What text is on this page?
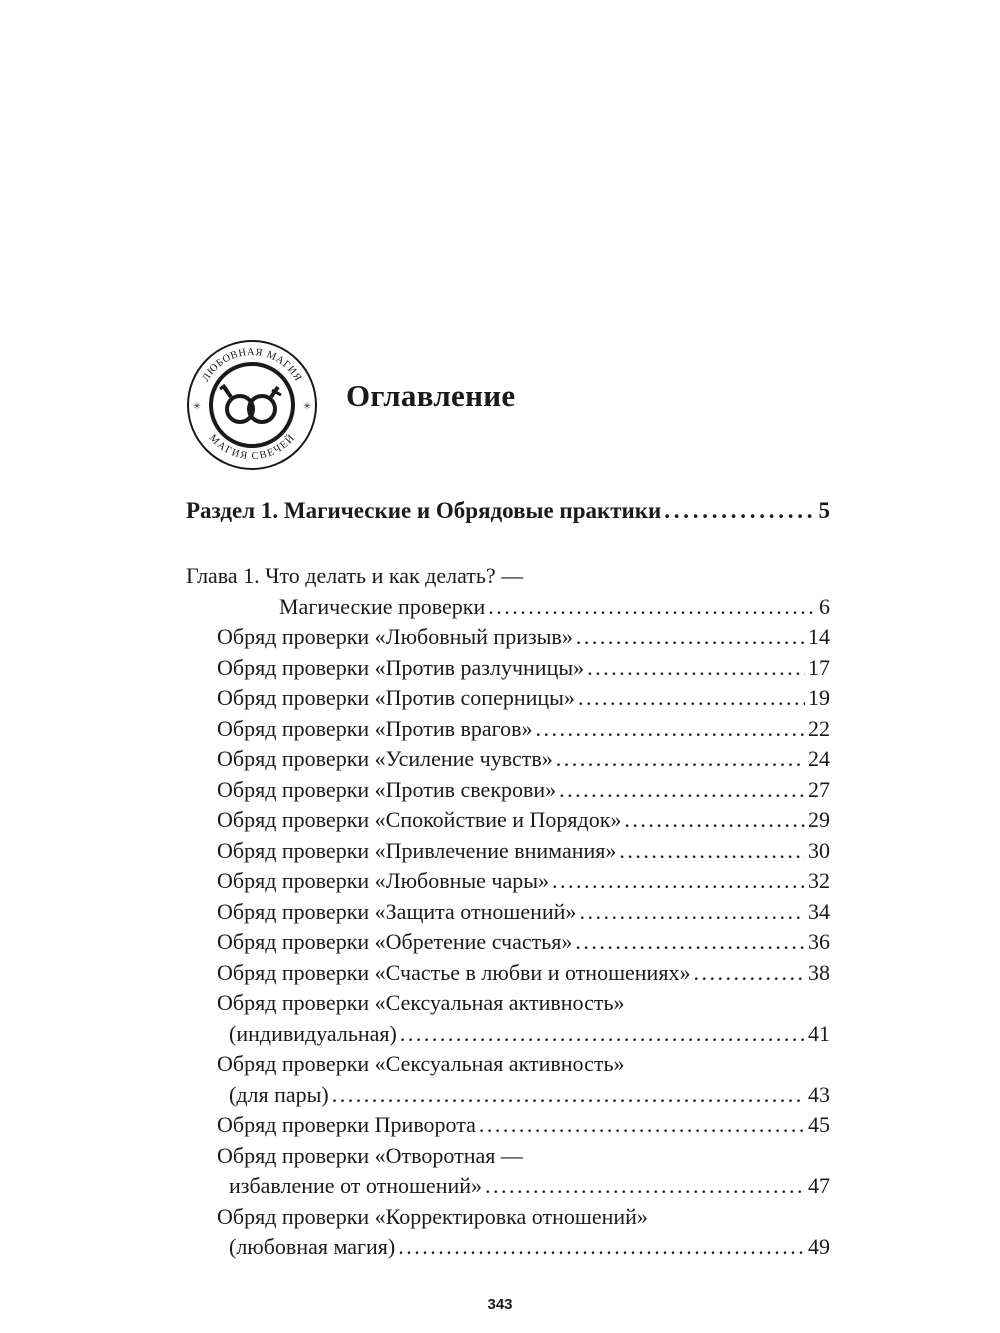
ЛЮБОВНАЯ МАГИЯ
МАГИЯ СВЕЧЕЙ
✳	✳ Оглавление
Раздел 1. Магические и Обрядовые практики . . .	5
Глава 1. Что делать и как делать? —
Магические проверки . . .	6
Обряд проверки «Любовный призыв» . . .	14
Обряд проверки «Против разлучницы» . . .	17
Обряд проверки «Против соперницы» . . .	19
Обряд проверки «Против врагов» . . .	22
Обряд проверки «Усиление чувств» . . .	24
Обряд проверки «Против свекрови» . . .	27
Обряд проверки «Спокойствие и Порядок» . . .	29
Обряд проверки «Привлечение внимания» . . .	30
Обряд проверки «Любовные чары» . . .	32
Обряд проверки «Защита отношений» . . .	34
Обряд проверки «Обретение счастья» . . .	36
Обряд проверки «Счастье в любви и отношениях» . . .	38
Обряд проверки «Сексуальная активность»
(индивидуальная) . . .	41
Обряд проверки «Сексуальная активность»
(для пары) . . .	43
Обряд проверки Приворота . . .	45
Обряд проверки «Отворотная —
избавление от отношений» . . .	47
Обряд проверки «Корректировка отношений»
(любовная магия) . . .	49
343
